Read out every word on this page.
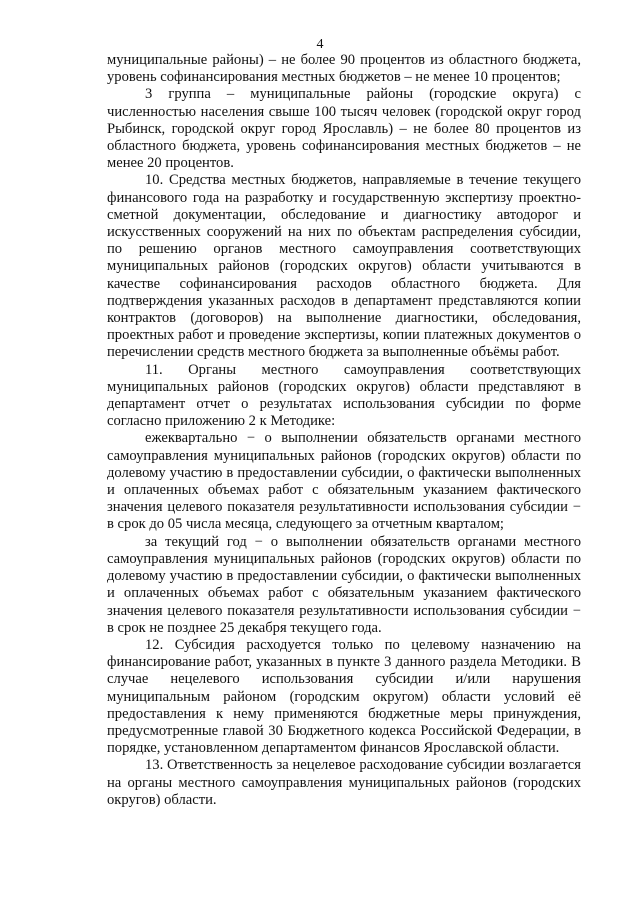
4

муниципальные районы) – не более 90 процентов из областного бюджета, уровень софинансирования местных бюджетов – не менее 10 процентов;

3 группа – муниципальные районы (городские округа) с численностью населения свыше 100 тысяч человек (городской округ город Рыбинск, городской округ город Ярославль) – не более 80 процентов из областного бюджета, уровень софинансирования местных бюджетов – не менее 20 процентов.

10. Средства местных бюджетов, направляемые в течение текущего финансового года на разработку и государственную экспертизу проектно-сметной документации, обследование и диагностику автодорог и искусственных сооружений на них по объектам распределения субсидии, по решению органов местного самоуправления соответствующих муниципальных районов (городских округов) области учитываются в качестве софинансирования расходов областного бюджета. Для подтверждения указанных расходов в департамент представляются копии контрактов (договоров) на выполнение диагностики, обследования, проектных работ и проведение экспертизы, копии платежных документов о перечислении средств местного бюджета за выполненные объёмы работ.

11. Органы местного самоуправления соответствующих муниципальных районов (городских округов) области представляют в департамент отчет о результатах использования субсидии по форме согласно приложению 2 к Методике:

ежеквартально − о выполнении обязательств органами местного самоуправления муниципальных районов (городских округов) области по долевому участию в предоставлении субсидии, о фактически выполненных и оплаченных объемах работ с обязательным указанием фактического значения целевого показателя результативности использования субсидии − в срок до 05 числа месяца, следующего за отчетным кварталом;

за текущий год − о выполнении обязательств органами местного самоуправления муниципальных районов (городских округов) области по долевому участию в предоставлении субсидии, о фактически выполненных и оплаченных объемах работ с обязательным указанием фактического значения целевого показателя результативности использования субсидии − в срок не позднее 25 декабря текущего года.

12. Субсидия расходуется только по целевому назначению на финансирование работ, указанных в пункте 3 данного раздела Методики. В случае нецелевого использования субсидии и/или нарушения муниципальным районом (городским округом) области условий её предоставления к нему применяются бюджетные меры принуждения, предусмотренные главой 30 Бюджетного кодекса Российской Федерации, в порядке, установленном департаментом финансов Ярославской области.

13. Ответственность за нецелевое расходование субсидии возлагается на органы местного самоуправления муниципальных районов (городских округов) области.
